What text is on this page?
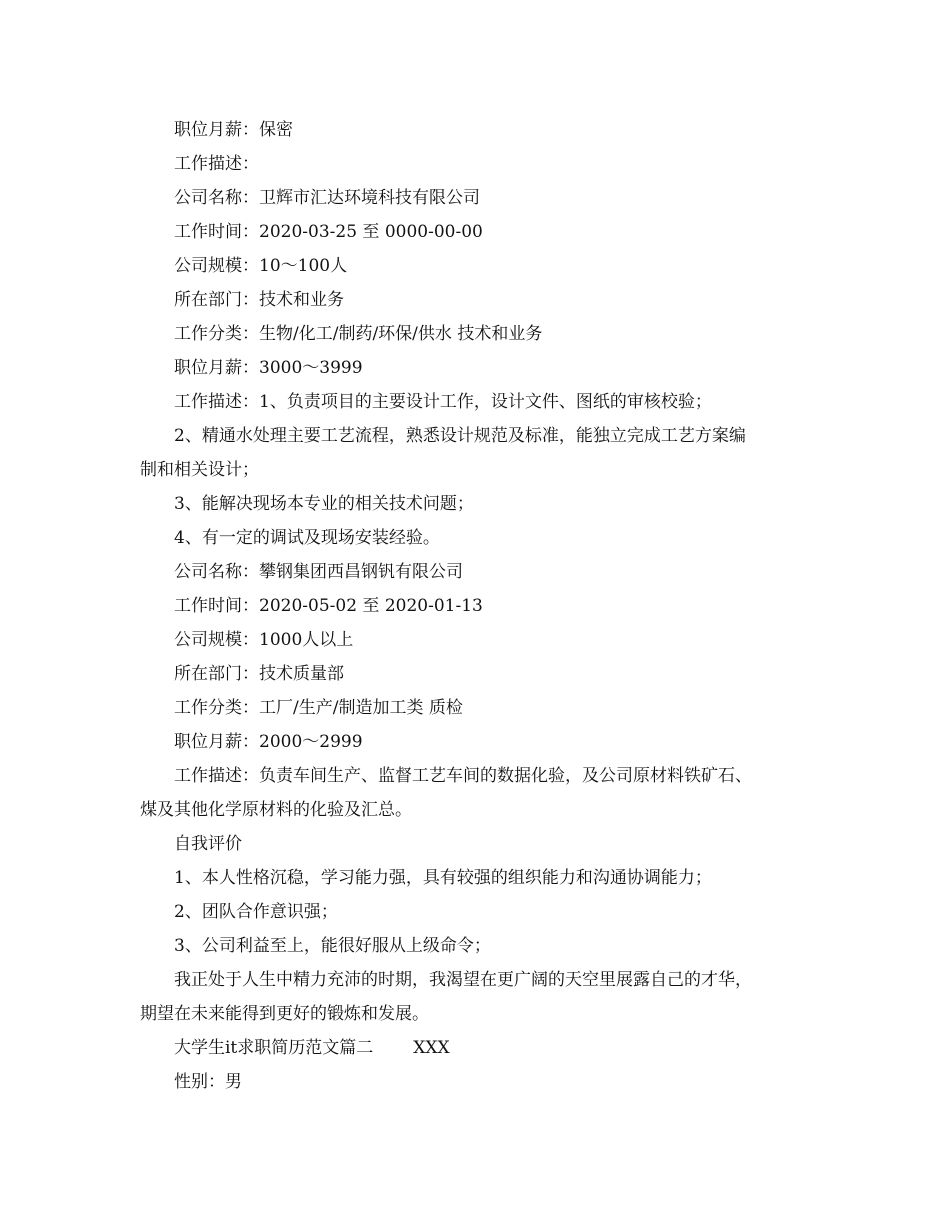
职位月薪：保密
工作描述：
公司名称：卫辉市汇达环境科技有限公司
工作时间：2020-03-25 至 0000-00-00
公司规模：10～100人
所在部门：技术和业务
工作分类：生物/化工/制药/环保/供水 技术和业务
职位月薪：3000～3999
工作描述：1、负责项目的主要设计工作，设计文件、图纸的审核校验；
2、精通水处理主要工艺流程，熟悉设计规范及标准，能独立完成工艺方案编
制和相关设计；
3、能解决现场本专业的相关技术问题；
4、有一定的调试及现场安装经验。
公司名称：攀钢集团西昌钢钒有限公司
工作时间：2020-05-02 至 2020-01-13
公司规模：1000人以上
所在部门：技术质量部
工作分类：工厂/生产/制造加工类 质检
职位月薪：2000～2999
工作描述：负责车间生产、监督工艺车间的数据化验，及公司原材料铁矿石、
煤及其他化学原材料的化验及汇总。
自我评价
1、本人性格沉稳，学习能力强，具有较强的组织能力和沟通协调能力；
2、团队合作意识强；
3、公司利益至上，能很好服从上级命令；
我正处于人生中精力充沛的时期，我渴望在更广阔的天空里展露自己的才华，
期望在未来能得到更好的锻炼和发展。
大学生it求职简历范文篇二 XXX
性别：男
